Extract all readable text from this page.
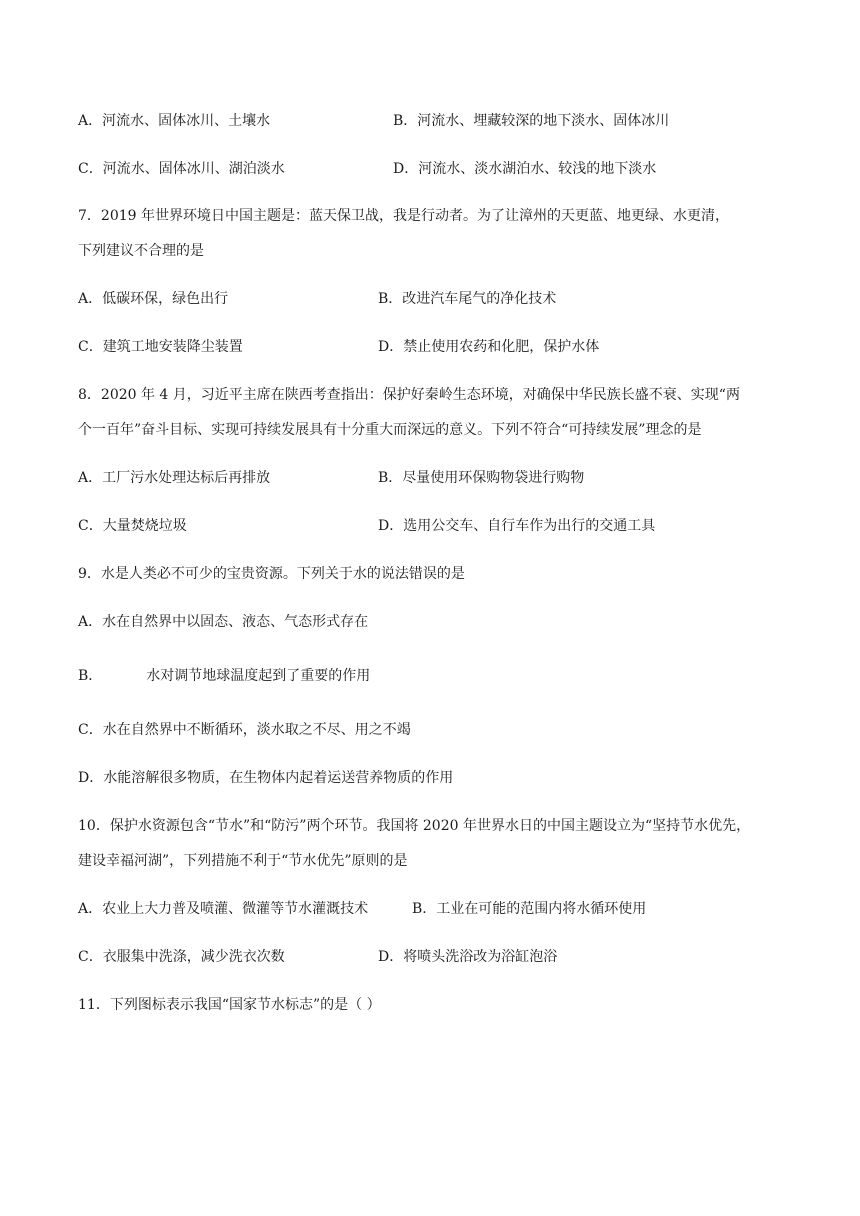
A．河流水、固体冰川、土壤水	B．河流水、埋藏较深的地下淡水、固体冰川
C．河流水、固体冰川、湖泊淡水	D．河流水、淡水湖泊水、较浅的地下淡水
7．2019 年世界环境日中国主题是：蓝天保卫战，我是行动者。为了让漳州的天更蓝、地更绿、水更清，
下列建议不合理的是
A．低碳环保，绿色出行	B．改进汽车尾气的净化技术
C．建筑工地安装降尘装置	D．禁止使用农药和化肥，保护水体
8．2020 年 4 月，习近平主席在陕西考查指出：保护好秦岭生态环境，对确保中华民族长盛不衰、实现“两
个一百年”奋斗目标、实现可持续发展具有十分重大而深远的意义。下列不符合“可持续发展”理念的是
A．工厂污水处理达标后再排放	B．尽量使用环保购物袋进行购物
C．大量焚烧垃圾	D．选用公交车、自行车作为出行的交通工具
9．水是人类必不可少的宝贵资源。下列关于水的说法错误的是
A．水在自然界中以固态、液态、气态形式存在
B．	水对调节地球温度起到了重要的作用
C．水在自然界中不断循环，淡水取之不尽、用之不竭
D．水能溶解很多物质，在生物体内起着运送营养物质的作用
10．保护水资源包含“节水”和“防污”两个环节。我国将 2020 年世界水日的中国主题设立为“坚持节水优先，
建设幸福河湖”，下列措施不利于“节水优先”原则的是
A．农业上大力普及喷灌、微灌等节水灌溉技术	B．工业在可能的范围内将水循环使用
C．衣服集中洗涤，减少洗衣次数	D．将喷头洗浴改为浴缸泡浴
11．下列图标表示我国“国家节水标志”的是（ ）
